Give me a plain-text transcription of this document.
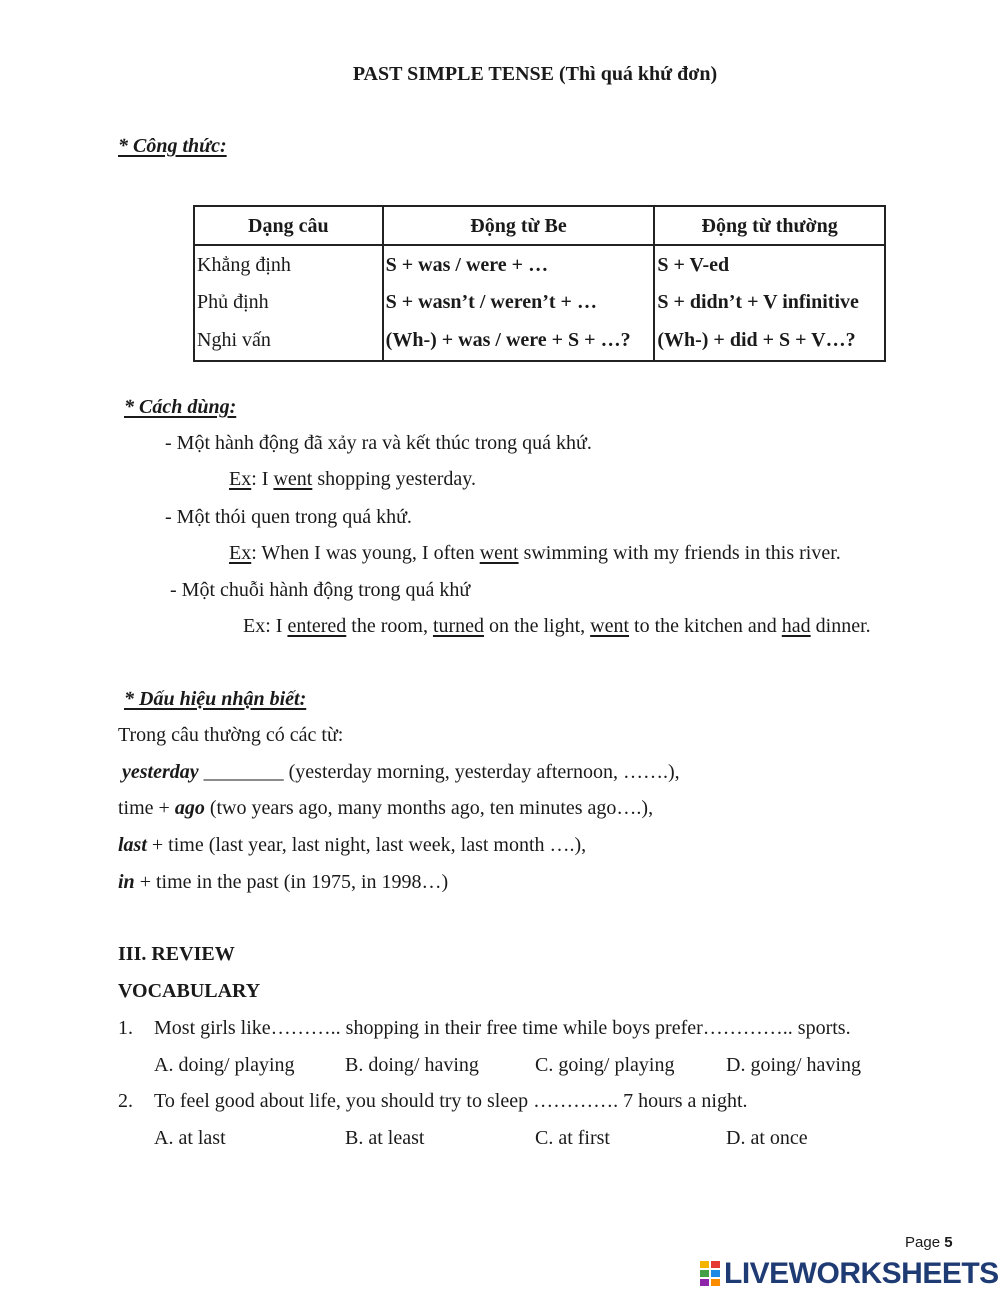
PAST SIMPLE TENSE (Thì quá khứ đơn)
* Công thức:
Dạng câu	Động từ Be	Động từ thường
Khẳng định	S + was / were + …	S + V-ed
Phủ định	S + wasn’t / weren’t + …	S + didn’t + V infinitive
Nghi vấn	(Wh-) + was / were + S + …?	(Wh-) + did + S + V…?
* Cách dùng:
- Một hành động đã xảy ra và kết thúc trong quá khứ.
Ex: I went shopping yesterday.
- Một thói quen trong quá khứ.
Ex: When I was young, I often went swimming with my friends in this river.
- Một chuỗi hành động trong quá khứ
Ex: I entered the room, turned on the light, went to the kitchen and had dinner.
* Dấu hiệu nhận biết:
Trong câu thường có các từ:
yesterday ________ (yesterday morning, yesterday afternoon, …….),
time + ago (two years ago, many months ago, ten minutes ago….),
last + time (last year, last night, last week, last month ….),
in + time in the past (in 1975, in 1998…)
III. REVIEW
VOCABULARY
1. Most girls like……….. shopping in their free time while boys prefer………….. sports.
A. doing/ playing	B. doing/ having	C. going/ playing	D. going/ having
2. To feel good about life, you should try to sleep …………. 7 hours a night.
A. at last	B. at least	C. at first	D. at once
Page 5
LIVEWORKSHEETS
